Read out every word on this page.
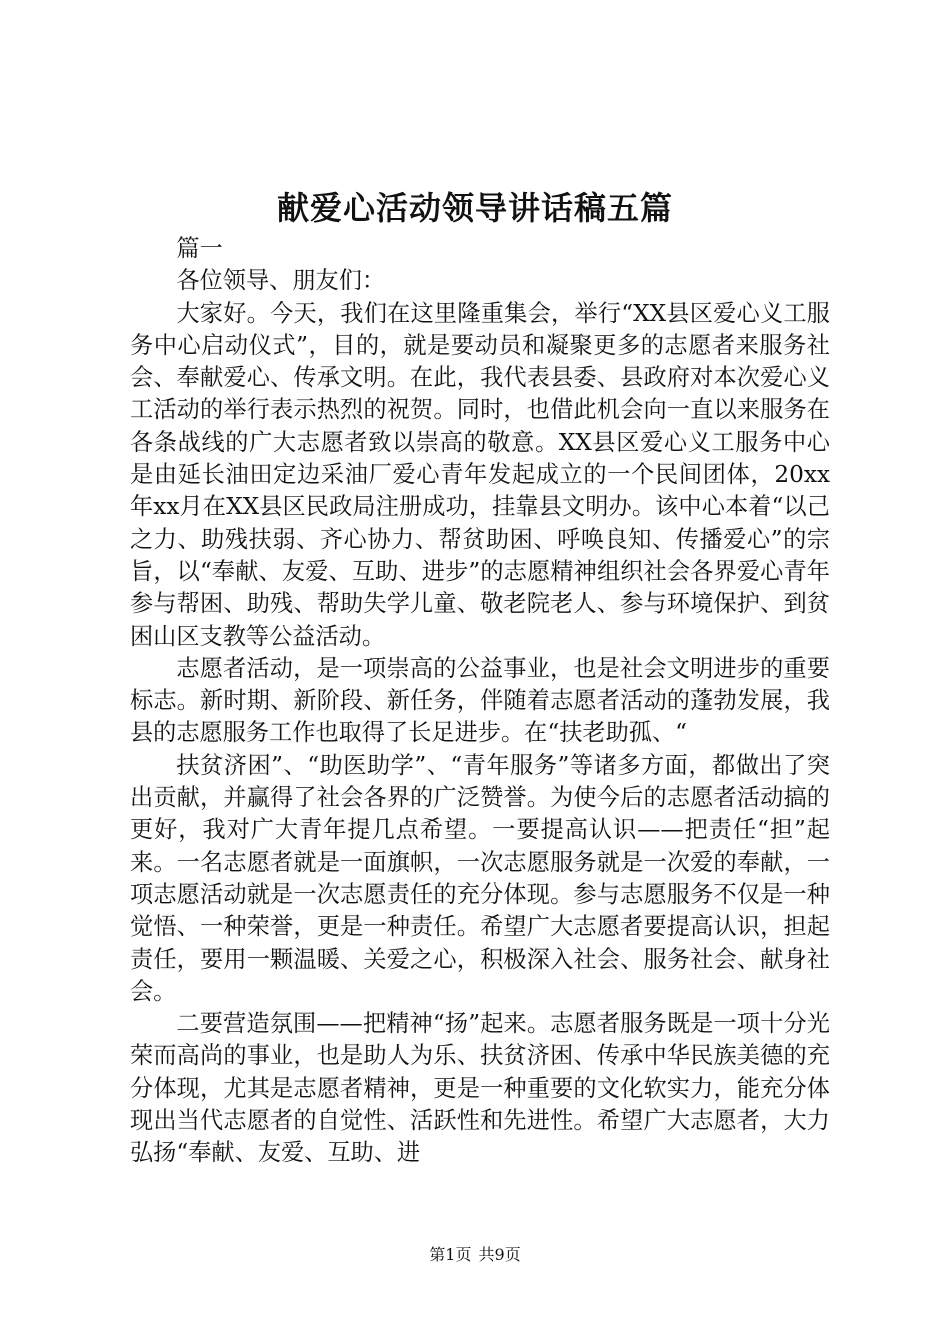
献爱心活动领导讲话稿五篇

篇一

各位领导、朋友们：

大家好。今天，我们在这里隆重集会，举行“XX县区爱心义工服务中心启动仪式”，目的，就是要动员和凝聚更多的志愿者来服务社会、奉献爱心、传承文明。在此，我代表县委、县政府对本次爱心义工活动的举行表示热烈的祝贺。同时，也借此机会向一直以来服务在各条战线的广大志愿者致以崇高的敬意。XX县区爱心义工服务中心是由延长油田定边采油厂爱心青年发起成立的一个民间团体，20xx年xx月在XX县区民政局注册成功，挂靠县文明办。该中心本着“以己之力、助残扶弱、齐心协力、帮贫助困、呼唤良知、传播爱心”的宗旨，以“奉献、友爱、互助、进步”的志愿精神组织社会各界爱心青年参与帮困、助残、帮助失学儿童、敬老院老人、参与环境保护、到贫困山区支教等公益活动。

志愿者活动，是一项崇高的公益事业，也是社会文明进步的重要标志。新时期、新阶段、新任务，伴随着志愿者活动的蓬勃发展，我县的志愿服务工作也取得了长足进步。在“扶老助孤、“

扶贫济困”、“助医助学”、“青年服务”等诸多方面，都做出了突出贡献，并赢得了社会各界的广泛赞誉。为使今后的志愿者活动搞的更好，我对广大青年提几点希望。一要提高认识——把责任“担”起来。一名志愿者就是一面旗帜，一次志愿服务就是一次爱的奉献，一项志愿活动就是一次志愿责任的充分体现。参与志愿服务不仅是一种觉悟、一种荣誉，更是一种责任。希望广大志愿者要提高认识，担起责任，要用一颗温暖、关爱之心，积极深入社会、服务社会、献身社会。

二要营造氛围——把精神“扬”起来。志愿者服务既是一项十分光荣而高尚的事业，也是助人为乐、扶贫济困、传承中华民族美德的充分体现，尤其是志愿者精神，更是一种重要的文化软实力，能充分体现出当代志愿者的自觉性、活跃性和先进性。希望广大志愿者，大力弘扬“奉献、友爱、互助、进

第1页 共9页
